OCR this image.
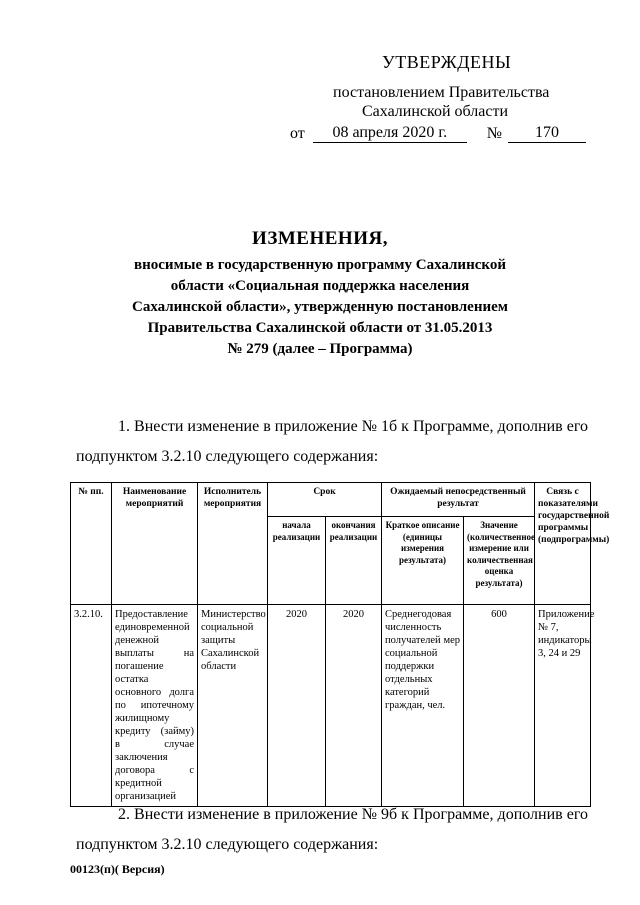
УТВЕРЖДЕНЫ
постановлением Правительства
Сахалинской области
от	08 апреля 2020 г.	№	170
ИЗМЕНЕНИЯ,
вносимые в государственную программу Сахалинской
области «Социальная поддержка населения
Сахалинской области», утвержденную постановлением
Правительства Сахалинской области от 31.05.2013
№ 279 (далее – Программа)
1. Внести изменение в приложение № 1б к Программе, дополнив его подпунктом 3.2.10 следующего содержания:
№ пп.	Наименование мероприятий	Исполнитель мероприятия	Срок		Ожидаемый непосредственный результат		Связь с показателями государственной программы (подпрограммы)
			начала реализации	окончания реализации	Краткое описание (единицы измерения результата)	Значение (количественное измерение или количественная оценка результата)	
3.2.10.	Предоставление единовременной денежной выплаты на погашение остатка основного долга по ипотечному жилищному кредиту (займу) в случае заключения договора с кредитной организацией	Министерство социальной защиты Сахалинской области	2020	2020	Среднегодовая численность получателей мер социальной поддержки отдельных категорий граждан, чел.	600	Приложение № 7, индикаторы 3, 24 и 29
2. Внести изменение в приложение № 9б к Программе, дополнив его подпунктом 3.2.10 следующего содержания:
00123(п)( Версия)
